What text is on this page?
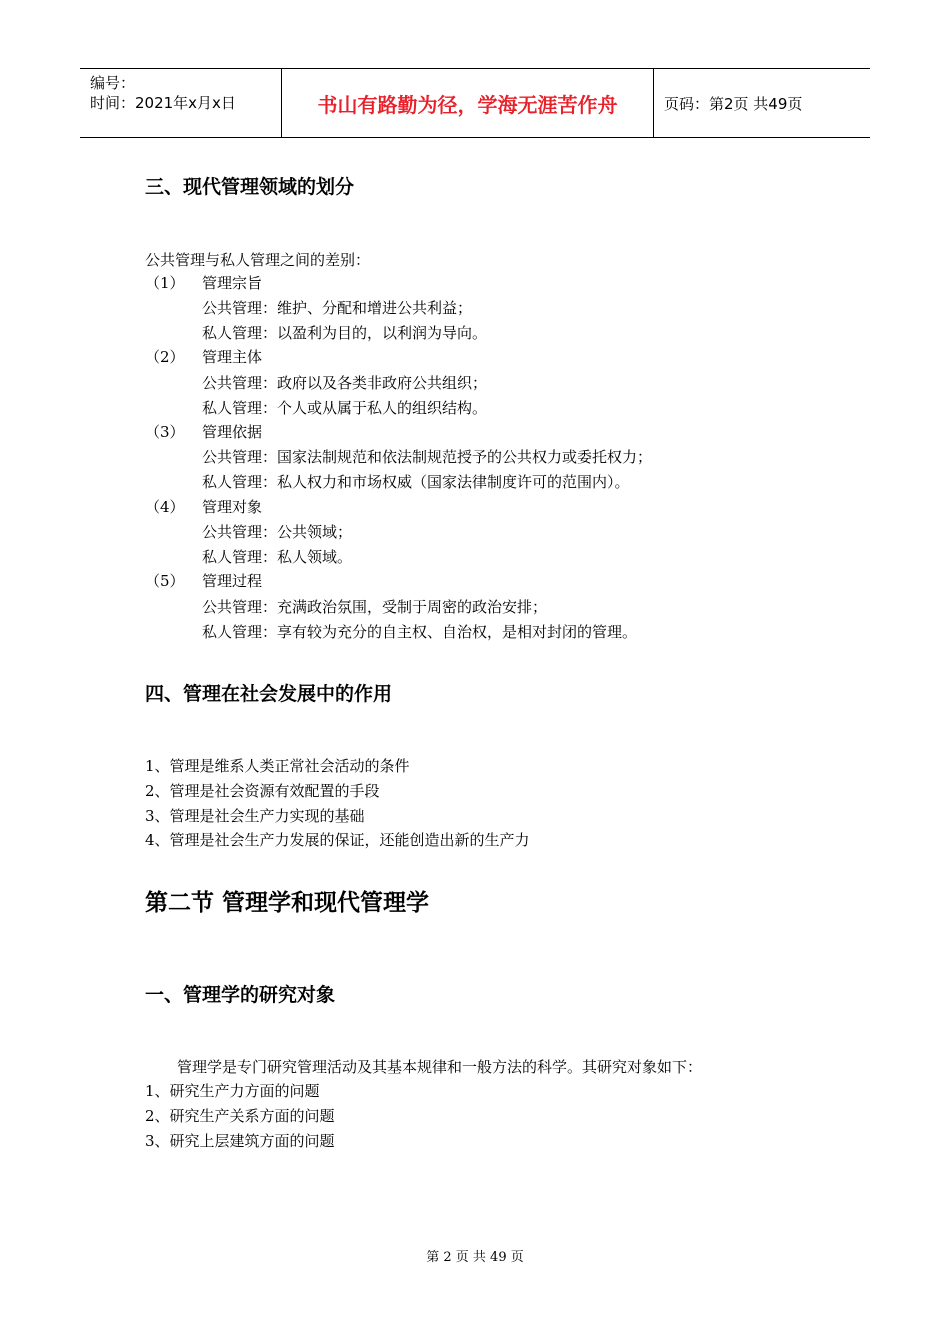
编号：
时间：2021年x月x日	书山有路勤为径，学海无涯苦作舟	页码：第2页 共49页
三、现代管理领域的划分
公共管理与私人管理之间的差别：
（1） 管理宗旨
公共管理：维护、分配和增进公共利益；
私人管理：以盈利为目的，以利润为导向。
（2） 管理主体
公共管理：政府以及各类非政府公共组织；
私人管理：个人或从属于私人的组织结构。
（3） 管理依据
公共管理：国家法制规范和依法制规范授予的公共权力或委托权力；
私人管理：私人权力和市场权威（国家法律制度许可的范围内）。
（4） 管理对象
公共管理：公共领域；
私人管理：私人领域。
（5） 管理过程
公共管理：充满政治氛围，受制于周密的政治安排；
私人管理：享有较为充分的自主权、自治权，是相对封闭的管理。
四、管理在社会发展中的作用
1、管理是维系人类正常社会活动的条件
2、管理是社会资源有效配置的手段
3、管理是社会生产力实现的基础
4、管理是社会生产力发展的保证，还能创造出新的生产力
第二节 管理学和现代管理学
一、管理学的研究对象
管理学是专门研究管理活动及其基本规律和一般方法的科学。其研究对象如下：
1、研究生产力方面的问题
2、研究生产关系方面的问题
3、研究上层建筑方面的问题
第 2 页 共 49 页
